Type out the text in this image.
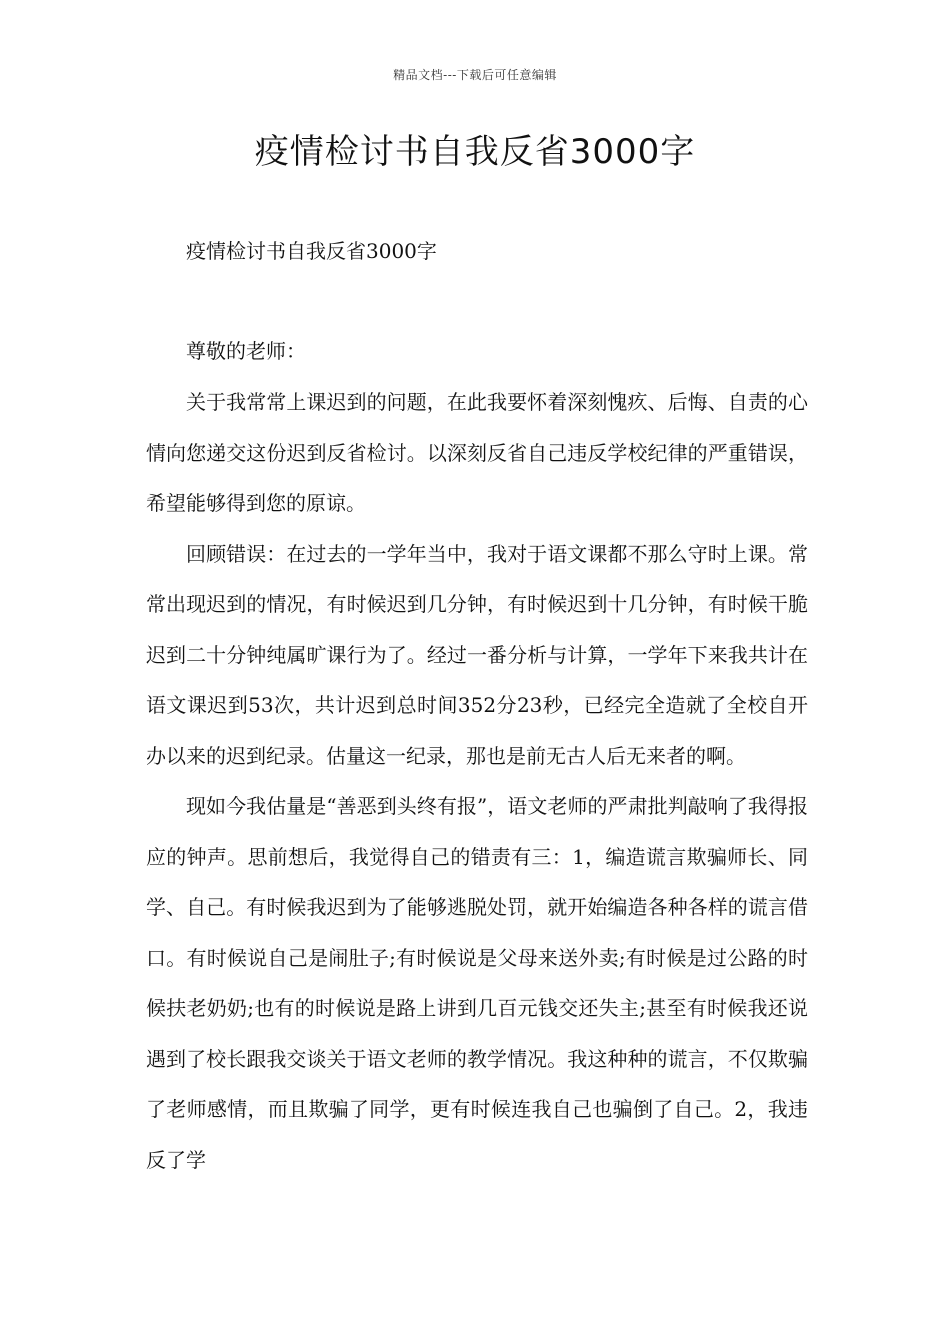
精品文档---下载后可任意编辑
疫情检讨书自我反省3000字
疫情检讨书自我反省3000字
尊敬的老师：

关于我常常上课迟到的问题，在此我要怀着深刻愧疚、后悔、自责的心情向您递交这份迟到反省检讨。以深刻反省自己违反学校纪律的严重错误，希望能够得到您的原谅。

回顾错误：在过去的一学年当中，我对于语文课都不那么守时上课。常常出现迟到的情况，有时候迟到几分钟，有时候迟到十几分钟，有时候干脆迟到二十分钟纯属旷课行为了。经过一番分析与计算，一学年下来我共计在语文课迟到53次，共计迟到总时间352分23秒，已经完全造就了全校自开办以来的迟到纪录。估量这一纪录，那也是前无古人后无来者的啊。

现如今我估量是“善恶到头终有报”，语文老师的严肃批判敲响了我得报应的钟声。思前想后，我觉得自己的错责有三：1，编造谎言欺骗师长、同学、自己。有时候我迟到为了能够逃脱处罚，就开始编造各种各样的谎言借口。有时候说自己是闹肚子;有时候说是父母来送外卖;有时候是过公路的时候扶老奶奶;也有的时候说是路上讲到几百元钱交还失主;甚至有时候我还说遇到了校长跟我交谈关于语文老师的教学情况。我这种种的谎言，不仅欺骗了老师感情，而且欺骗了同学，更有时候连我自己也骗倒了自己。2，我违反了学
